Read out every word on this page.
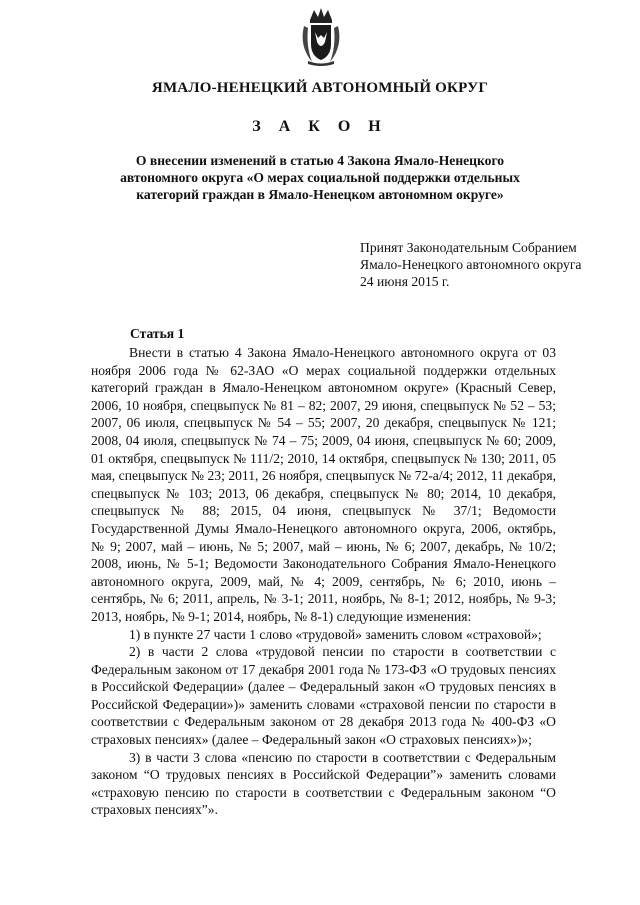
ЯМАЛО-НЕНЕЦКИЙ АВТОНОМНЫЙ ОКРУГ
З А К О Н
О внесении изменений в статью 4 Закона Ямало-Ненецкого автономного округа «О мерах социальной поддержки отдельных категорий граждан в Ямало-Ненецком автономном округе»
Принят Законодательным Собранием
Ямало-Ненецкого автономного округа
24 июня 2015 г.
Статья 1

Внести в статью 4 Закона Ямало-Ненецкого автономного округа от 03 ноября 2006 года № 62-ЗАО «О мерах социальной поддержки отдельных категорий граждан в Ямало-Ненецком автономном округе» (Красный Север, 2006, 10 ноября, спецвыпуск № 81 – 82; 2007, 29 июня, спецвыпуск № 52 – 53; 2007, 06 июля, спецвыпуск № 54 – 55; 2007, 20 декабря, спецвыпуск № 121; 2008, 04 июля, спецвыпуск № 74 – 75; 2009, 04 июня, спецвыпуск № 60; 2009, 01 октября, спецвыпуск № 111/2; 2010, 14 октября, спецвыпуск № 130; 2011, 05 мая, спецвыпуск № 23; 2011, 26 ноября, спецвыпуск № 72-а/4; 2012, 11 декабря, спецвыпуск № 103; 2013, 06 декабря, спецвыпуск № 80; 2014, 10 декабря, спецвыпуск № 88; 2015, 04 июня, спецвыпуск № 37/1; Ведомости Государственной Думы Ямало-Ненецкого автономного округа, 2006, октябрь, № 9; 2007, май – июнь, № 5; 2007, май – июнь, № 6; 2007, декабрь, № 10/2; 2008, июнь, № 5-1; Ведомости Законодательного Собрания Ямало-Ненецкого автономного округа, 2009, май, № 4; 2009, сентябрь, № 6; 2010, июнь – сентябрь, № 6; 2011, апрель, № 3-1; 2011, ноябрь, № 8-1; 2012, ноябрь, № 9-3; 2013, ноябрь, № 9-1; 2014, ноябрь, № 8-1) следующие изменения:

1) в пункте 27 части 1 слово «трудовой» заменить словом «страховой»;

2) в части 2 слова «трудовой пенсии по старости в соответствии с Федеральным законом от 17 декабря 2001 года № 173-ФЗ «О трудовых пенсиях в Российской Федерации» (далее – Федеральный закон «О трудовых пенсиях в Российской Федерации»)» заменить словами «страховой пенсии по старости в соответствии с Федеральным законом от 28 декабря 2013 года № 400-ФЗ «О страховых пенсиях» (далее – Федеральный закон «О страховых пенсиях»)»;

3) в части 3 слова «пенсию по старости в соответствии с Федеральным законом “О трудовых пенсиях в Российской Федерации”» заменить словами «страховую пенсию по старости в соответствии с Федеральным законом “О страховых пенсиях”».
